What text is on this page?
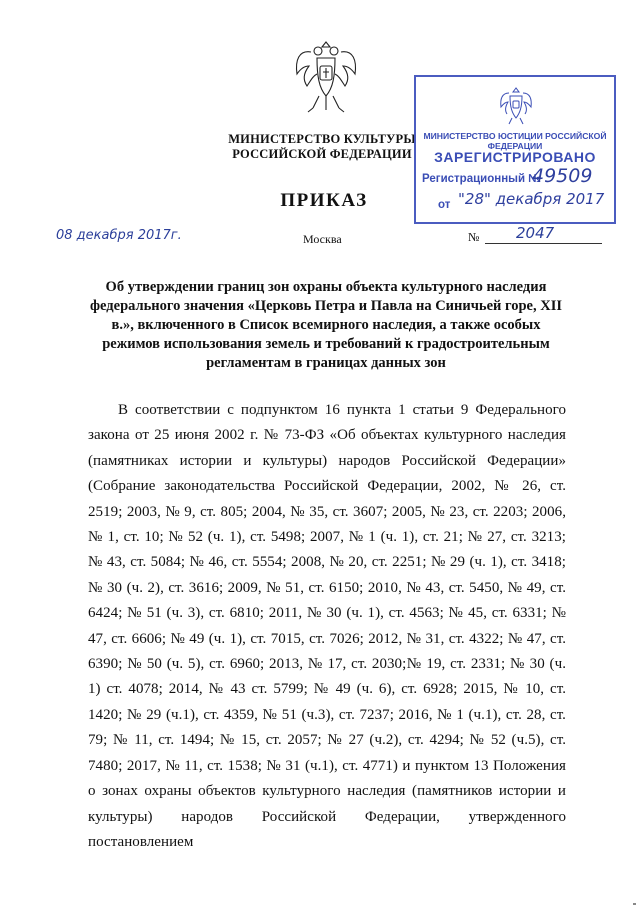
МИНИСТЕРСТВО КУЛЬТУРЫ
РОССИЙСКОЙ ФЕДЕРАЦИИ
ПРИКАЗ
08 декабря 2017г.	Москва	№ 2047
МИНИСТЕРСТВО ЮСТИЦИИ РОССИЙСКОЙ ФЕДЕРАЦИИ
ЗАРЕГИСТРИРОВАНО
Регистрационный №
49509
от "28" декабря 2017
Об утверждении границ зон охраны объекта культурного наследия федерального значения «Церковь Петра и Павла на Синичьей горе, XII в.», включенного в Список всемирного наследия, а также особых режимов использования земель и требований к градостроительным регламентам в границах данных зон
В соответствии с подпунктом 16 пункта 1 статьи 9 Федерального закона от 25 июня 2002 г. № 73-ФЗ «Об объектах культурного наследия (памятниках истории и культуры) народов Российской Федерации» (Собрание законодательства Российской Федерации, 2002, № 26, ст. 2519; 2003, № 9, ст. 805; 2004, № 35, ст. 3607; 2005, № 23, ст. 2203; 2006, № 1, ст. 10; № 52 (ч. 1), ст. 5498; 2007, № 1 (ч. 1), ст. 21; № 27, ст. 3213; № 43, ст. 5084; № 46, ст. 5554; 2008, № 20, ст. 2251; № 29 (ч. 1), ст. 3418; № 30 (ч. 2), ст. 3616; 2009, № 51, ст. 6150; 2010, № 43, ст. 5450, № 49, ст. 6424; № 51 (ч. 3), ст. 6810; 2011, № 30 (ч. 1), ст. 4563; № 45, ст. 6331; № 47, ст. 6606; № 49 (ч. 1), ст. 7015, ст. 7026; 2012, № 31, ст. 4322; № 47, ст. 6390; № 50 (ч. 5), ст. 6960; 2013, № 17, ст. 2030;№ 19, ст. 2331; № 30 (ч. 1) ст. 4078; 2014, № 43 ст. 5799; № 49 (ч. 6), ст. 6928; 2015, № 10, ст. 1420; № 29 (ч.1), ст. 4359, № 51 (ч.3), ст. 7237; 2016, № 1 (ч.1), ст. 28, ст. 79; № 11, ст. 1494; № 15, ст. 2057; № 27 (ч.2), ст. 4294; № 52 (ч.5), ст. 7480; 2017, № 11, ст. 1538; № 31 (ч.1), ст. 4771) и пунктом 13 Положения о зонах охраны объектов культурного наследия (памятников истории и культуры) народов Российской Федерации, утвержденного постановлением
